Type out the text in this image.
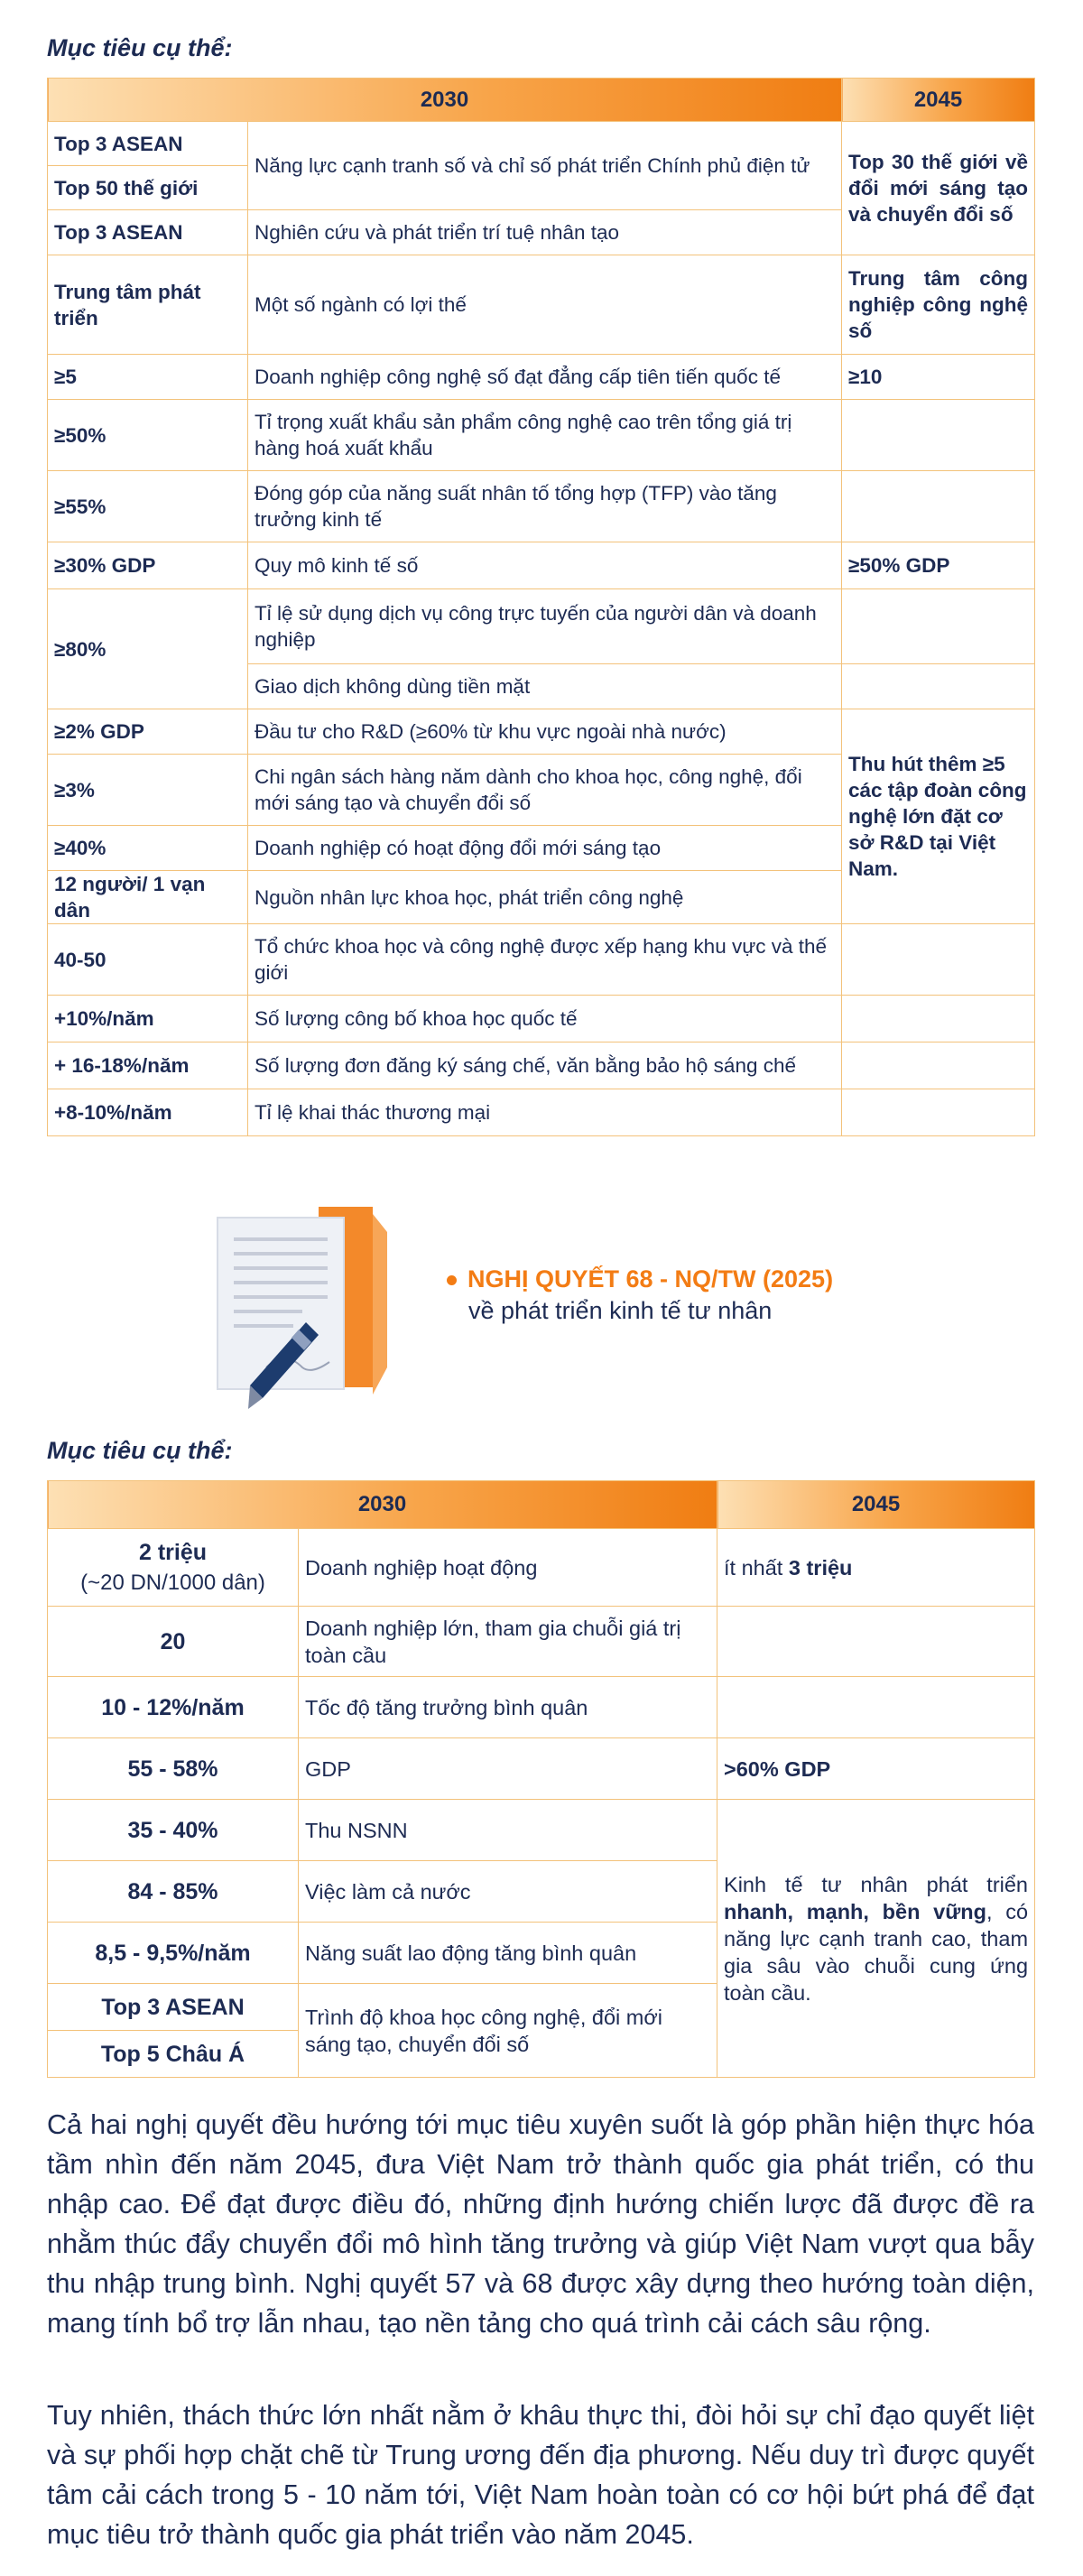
Mục tiêu cụ thể:
2030		2045
Top 3 ASEAN	Năng lực cạnh tranh số và chỉ số phát triển Chính phủ điện tử	Top 30 thế giới về đổi mới sáng tạo và chuyển đổi số
Top 50 thế giới		
Top 3 ASEAN	Nghiên cứu và phát triển trí tuệ nhân tạo	
Trung tâm phát triển	Một số ngành có lợi thế	Trung tâm công nghiệp công nghệ số
≥5	Doanh nghiệp công nghệ số đạt đẳng cấp tiên tiến quốc tế	≥10
≥50%	Tỉ trọng xuất khẩu sản phẩm công nghệ cao trên tổng giá trị hàng hoá xuất khẩu	
≥55%	Đóng góp của năng suất nhân tố tổng hợp (TFP) vào tăng trưởng kinh tế	
≥30% GDP	Quy mô kinh tế số	≥50% GDP
≥80%	Tỉ lệ sử dụng dịch vụ công trực tuyến của người dân và doanh nghiệp	
	Giao dịch không dùng tiền mặt	
≥2% GDP	Đầu tư cho R&D (≥60% từ khu vực ngoài nhà nước)	Thu hút thêm ≥5 các tập đoàn công nghệ lớn đặt cơ sở R&D tại Việt Nam.
≥3%	Chi ngân sách hàng năm dành cho khoa học, công nghệ, đổi mới sáng tạo và chuyển đổi số	
≥40%	Doanh nghiệp có hoạt động đổi mới sáng tạo	
12 người/ 1 vạn dân	Nguồn nhân lực khoa học, phát triển công nghệ	
40-50	Tổ chức khoa học và công nghệ được xếp hạng khu vực và thế giới	
+10%/năm	Số lượng công bố khoa học quốc tế	
+ 16-18%/năm	Số lượng đơn đăng ký sáng chế, văn bằng bảo hộ sáng chế	
+8-10%/năm	Tỉ lệ khai thác thương mại	
NGHỊ QUYẾT 68 - NQ/TW (2025)
về phát triển kinh tế tư nhân
Mục tiêu cụ thể:
2030		2045

2 triệu
(~20 DN/1000 dân)	Doanh nghiệp hoạt động	ít nhất 3 triệu
20	Doanh nghiệp lớn, tham gia chuỗi giá trị toàn cầu	
10 - 12%/năm	Tốc độ tăng trưởng bình quân	
55 - 58%	GDP	>60% GDP
35 - 40%	Thu NSNN	Kinh tế tư nhân phát triển nhanh, mạnh, bền vững, có năng lực cạnh tranh cao, tham gia sâu vào chuỗi cung ứng toàn cầu.
84 - 85%	Việc làm cả nước	
8,5 - 9,5%/năm	Năng suất lao động tăng bình quân	
Top 3 ASEAN	Trình độ khoa học công nghệ, đổi mới sáng tạo, chuyển đổi số	
Top 5 Châu Á		

Cả hai nghị quyết đều hướng tới mục tiêu xuyên suốt là góp phần hiện thực hóa tầm nhìn đến năm 2045, đưa Việt Nam trở thành quốc gia phát triển, có thu nhập cao. Để đạt được điều đó, những định hướng chiến lược đã được đề ra nhằm thúc đẩy chuyển đổi mô hình tăng trưởng và giúp Việt Nam vượt qua bẫy thu nhập trung bình. Nghị quyết 57 và 68 được xây dựng theo hướng toàn diện, mang tính bổ trợ lẫn nhau, tạo nền tảng cho quá trình cải cách sâu rộng.

Tuy nhiên, thách thức lớn nhất nằm ở khâu thực thi, đòi hỏi sự chỉ đạo quyết liệt và sự phối hợp chặt chẽ từ Trung ương đến địa phương. Nếu duy trì được quyết tâm cải cách trong 5 - 10 năm tới, Việt Nam hoàn toàn có cơ hội bứt phá để đạt mục tiêu trở thành quốc gia phát triển vào năm 2045.
